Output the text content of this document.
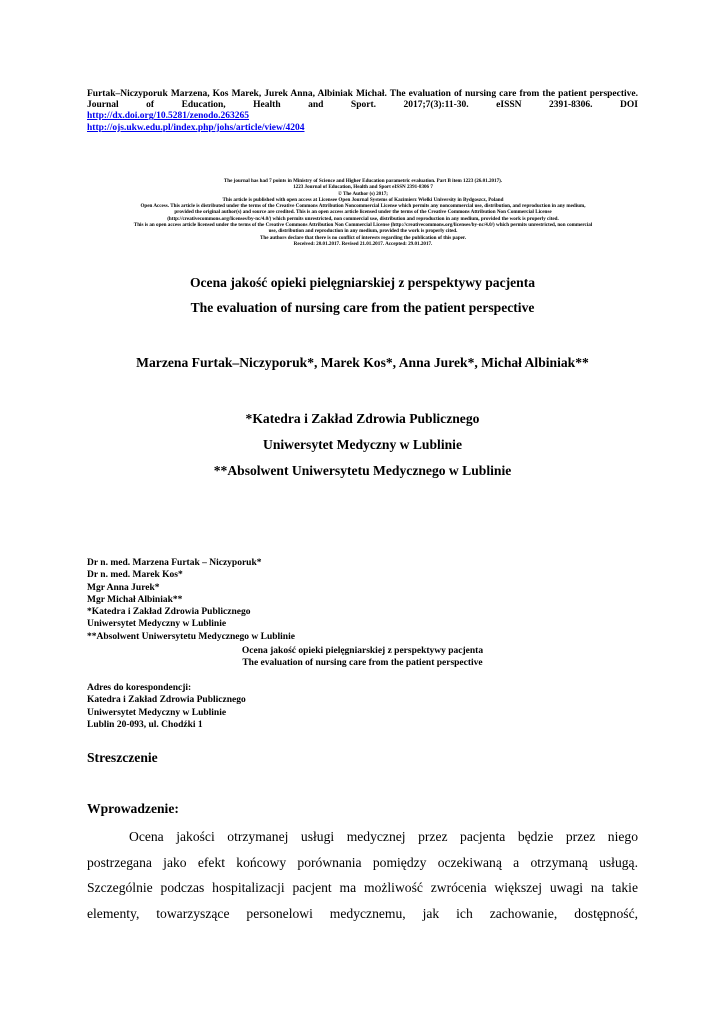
Furtak–Niczyporuk Marzena, Kos Marek, Jurek Anna, Albiniak Michał. The evaluation of nursing care from the patient perspective. Journal of Education, Health and Sport. 2017;7(3):11-30. eISSN 2391-8306. DOI
http://dx.doi.org/10.5281/zenodo.263265
http://ojs.ukw.edu.pl/index.php/johs/article/view/4204
The journal has had 7 points in Ministry of Science and Higher Education parametric evaluation. Part B item 1223 (26.01.2017).
1223 Journal of Education, Health and Sport eISSN 2391-8306 7
© The Author (s) 2017;
This article is published with open access at Licensee Open Journal Systems of Kazimierz Wielki University in Bydgoszcz, Poland
Open Access. This article is distributed under the terms of the Creative Commons Attribution Noncommercial License which permits any noncommercial use, distribution, and reproduction in any medium,
provided the original author(s) and source are credited. This is an open access article licensed under the terms of the Creative Commons Attribution Non Commercial License
(http://creativecommons.org/licenses/by-nc/4.0/) which permits unrestricted, non commercial use, distribution and reproduction in any medium, provided the work is properly cited.
This is an open access article licensed under the terms of the Creative Commons Attribution Non Commercial License (http://creativecommons.org/licenses/by-nc/4.0/) which permits unrestricted, non commercial
use, distribution and reproduction in any medium, provided the work is properly cited.
The authors declare that there is no conflict of interests regarding the publication of this paper.
Received: 20.01.2017. Revised 21.01.2017. Accepted: 29.01.2017.
Ocena jakość opieki pielęgniarskiej z perspektywy pacjenta
The evaluation of nursing care from the patient perspective
Marzena Furtak–Niczyporuk*, Marek Kos*, Anna Jurek*, Michał Albiniak**
*Katedra i Zakład Zdrowia Publicznego
Uniwersytet Medyczny w Lublinie
**Absolwent Uniwersytetu Medycznego w Lublinie
Dr n. med. Marzena Furtak – Niczyporuk*
Dr n. med. Marek Kos*
Mgr Anna Jurek*
Mgr Michał Albiniak**
*Katedra i Zakład Zdrowia Publicznego
Uniwersytet Medyczny w Lublinie
**Absolwent Uniwersytetu Medycznego w Lublinie
Ocena jakość opieki pielęgniarskiej z perspektywy pacjenta
The evaluation of nursing care from the patient perspective
Adres do korespondencji:
Katedra i Zakład Zdrowia Publicznego
Uniwersytet Medyczny w Lublinie
Lublin 20-093, ul. Chodźki 1
Streszczenie
Wprowadzenie:
Ocena jakości otrzymanej usługi medycznej przez pacjenta będzie przez niego
postrzegana jako efekt końcowy porównania pomiędzy oczekiwaną a otrzymaną usługą.
Szczególnie podczas hospitalizacji pacjent ma możliwość zwrócenia większej uwagi na takie
elementy, towarzyszące personelowi medycznemu, jak ich zachowanie, dostępność,
